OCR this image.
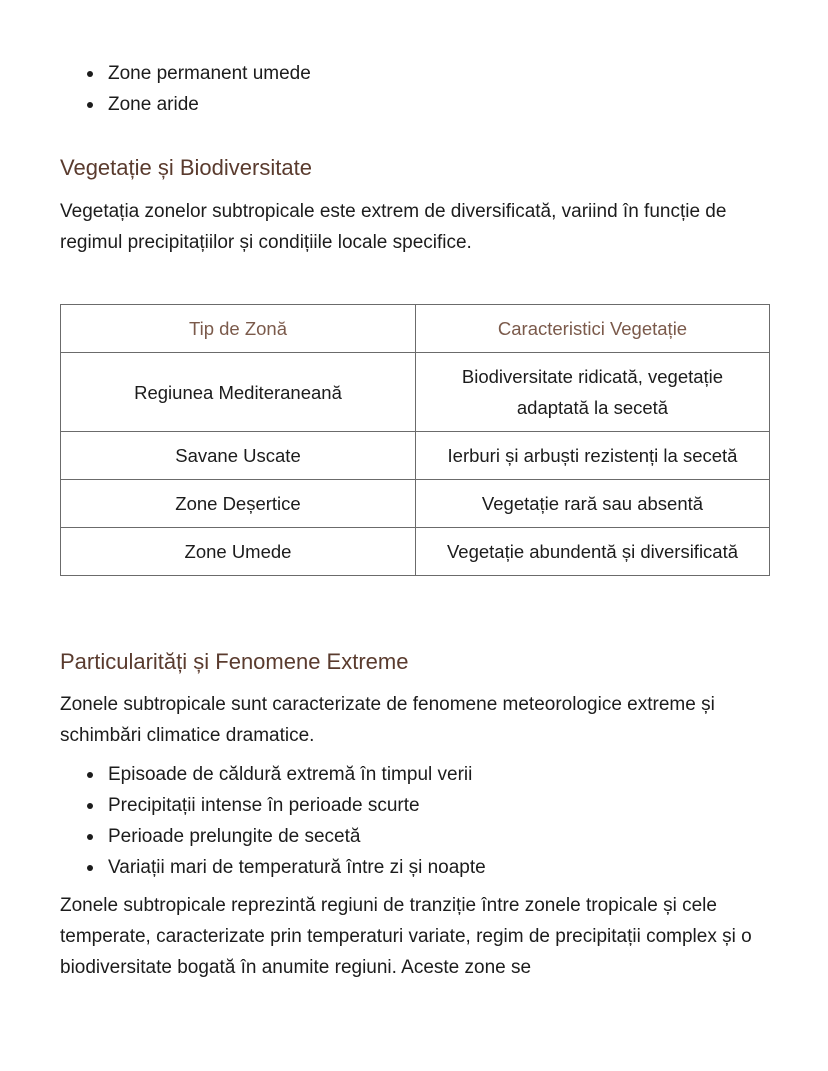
Zone permanent umede
Zone aride
Vegetație și Biodiversitate

Vegetația zonelor subtropicale este extrem de diversificată, variind în funcție de regimul precipitațiilor și condițiile locale specifice.

Tip de Zonă	Caracteristici Vegetație
Regiunea Mediteraneană	Biodiversitate ridicată, vegetație adaptată la secetă
Savane Uscate	Ierburi și arbuști rezistenți la secetă
Zone Deșertice	Vegetație rară sau absentă
Zone Umede	Vegetație abundentă și diversificată
Particularități și Fenomene Extreme

Zonele subtropicale sunt caracterizate de fenomene meteorologice extreme și schimbări climatice dramatice.

Episoade de căldură extremă în timpul verii
Precipitații intense în perioade scurte
Perioade prelungite de secetă
Variații mari de temperatură între zi și noapte

Zonele subtropicale reprezintă regiuni de tranziție între zonele tropicale și cele temperate, caracterizate prin temperaturi variate, regim de precipitații complex și o biodiversitate bogată în anumite regiuni. Aceste zone se
